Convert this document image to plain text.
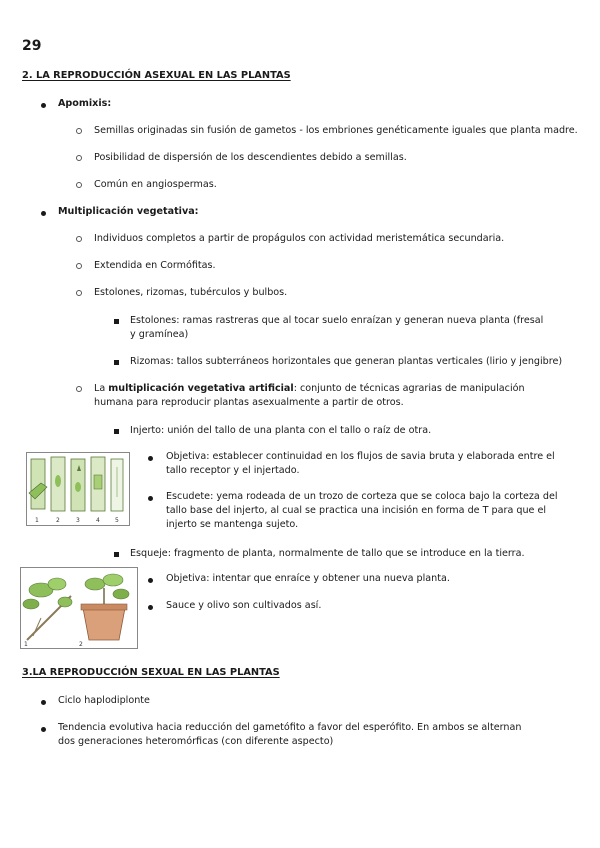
29
2. LA REPRODUCCIÓN ASEXUAL EN LAS PLANTAS
Apomixis:
Semillas originadas sin fusión de gametos - los embriones genéticamente iguales que planta madre.
Posibilidad de dispersión de los descendientes debido a semillas.
Común en angiospermas.
Multiplicación vegetativa:
Individuos completos a partir de propágulos con actividad meristemática secundaria.
Extendida en Cormófitas.
Estolones, rizomas, tubérculos y bulbos.
Estolones: ramas rastreras que al tocar suelo enraízan y generan nueva planta (fresal y gramínea)
Rizomas: tallos subterráneos horizontales que generan plantas verticales (lirio y jengibre)
La multiplicación vegetativa artificial: conjunto de técnicas agrarias de manipulación humana para reproducir plantas asexualmente a partir de otros.
Injerto: unión del tallo de una planta con el tallo o raíz de otra.
1	2	3	4	5
Objetiva: establecer continuidad en los flujos de savia bruta y elaborada entre el tallo receptor y el injertado.
Escudete: yema rodeada de un trozo de corteza que se coloca bajo la corteza del tallo base del injerto, al cual se practica una incisión en forma de T para que el injerto se mantenga sujeto.
Esqueje: fragmento de planta, normalmente de tallo que se introduce en la tierra.
1	2
Objetiva: intentar que enraíce y obtener una nueva planta.
Sauce y olivo son cultivados así.
3.LA REPRODUCCIÓN SEXUAL EN LAS PLANTAS
Ciclo haplodiplonte
Tendencia evolutiva hacia reducción del gametófito a favor del esperófito. En ambos se alternan dos generaciones heteromórficas (con diferente aspecto)
